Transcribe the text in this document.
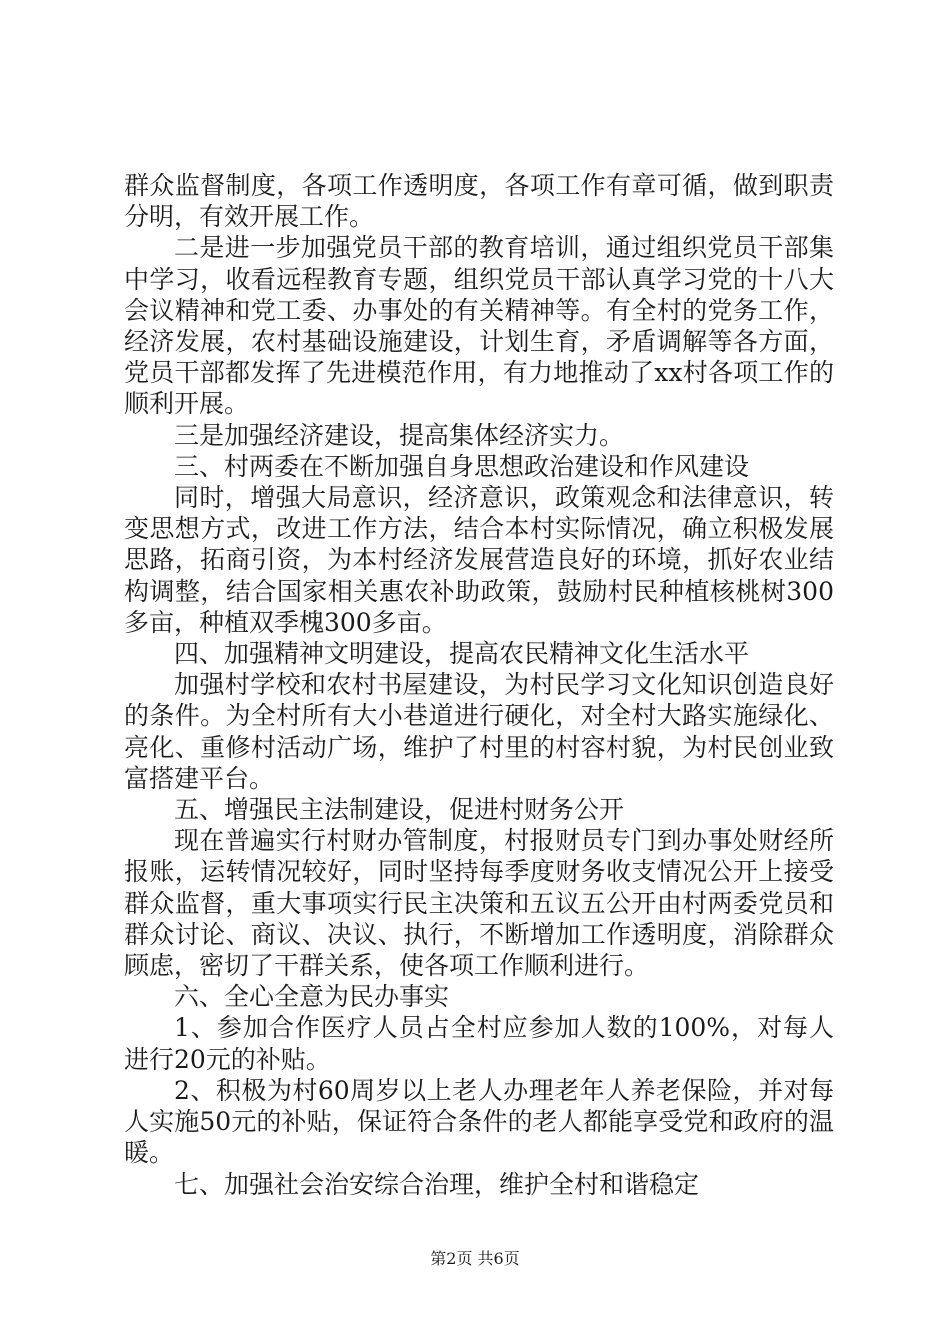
群众监督制度，各项工作透明度，各项工作有章可循，做到职责分明，有效开展工作。

二是进一步加强党员干部的教育培训，通过组织党员干部集中学习，收看远程教育专题，组织党员干部认真学习党的十八大会议精神和党工委、办事处的有关精神等。有全村的党务工作，经济发展，农村基础设施建设，计划生育，矛盾调解等各方面，党员干部都发挥了先进模范作用，有力地推动了xx村各项工作的顺利开展。

三是加强经济建设，提高集体经济实力。

三、村两委在不断加强自身思想政治建设和作风建设

同时，增强大局意识，经济意识，政策观念和法律意识，转变思想方式，改进工作方法，结合本村实际情况，确立积极发展思路，拓商引资，为本村经济发展营造良好的环境，抓好农业结构调整，结合国家相关惠农补助政策，鼓励村民种植核桃树300多亩，种植双季槐300多亩。

四、加强精神文明建设，提高农民精神文化生活水平

加强村学校和农村书屋建设，为村民学习文化知识创造良好的条件。为全村所有大小巷道进行硬化，对全村大路实施绿化、亮化、重修村活动广场，维护了村里的村容村貌，为村民创业致富搭建平台。

五、增强民主法制建设，促进村财务公开

现在普遍实行村财办管制度，村报财员专门到办事处财经所报账，运转情况较好，同时坚持每季度财务收支情况公开上接受群众监督，重大事项实行民主决策和五议五公开由村两委党员和群众讨论、商议、决议、执行，不断增加工作透明度，消除群众顾虑，密切了干群关系，使各项工作顺利进行。

六、全心全意为民办事实

1、参加合作医疗人员占全村应参加人数的100%，对每人进行20元的补贴。

2、积极为村60周岁以上老人办理老年人养老保险，并对每人实施50元的补贴，保证符合条件的老人都能享受党和政府的温暖。

七、加强社会治安综合治理，维护全村和谐稳定

第2页 共6页
